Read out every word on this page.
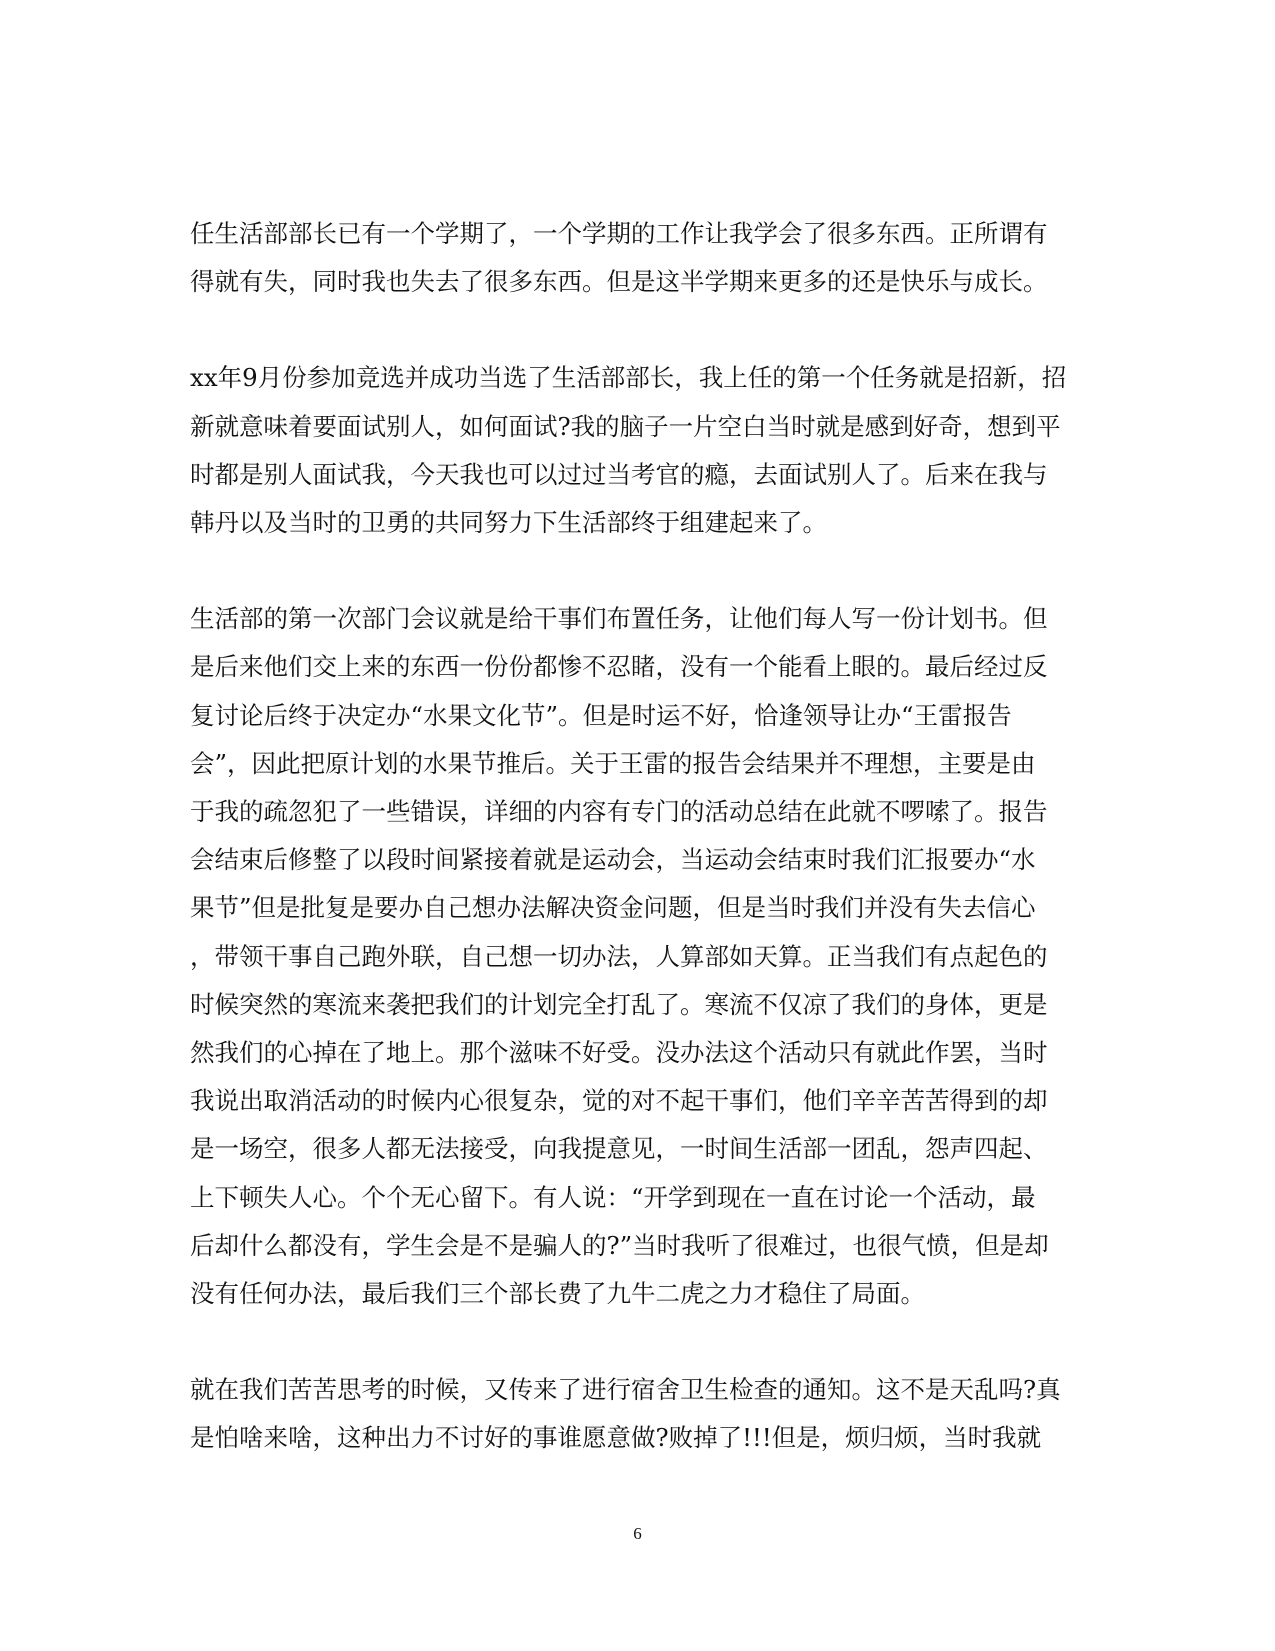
任生活部部长已有一个学期了，一个学期的工作让我学会了很多东西。正所谓有
得就有失，同时我也失去了很多东西。但是这半学期来更多的还是快乐与成长。

xx年9月份参加竞选并成功当选了生活部部长，我上任的第一个任务就是招新，招
新就意味着要面试别人，如何面试?我的脑子一片空白当时就是感到好奇，想到平
时都是别人面试我，今天我也可以过过当考官的瘾，去面试别人了。后来在我与
韩丹以及当时的卫勇的共同努力下生活部终于组建起来了。

生活部的第一次部门会议就是给干事们布置任务，让他们每人写一份计划书。但
是后来他们交上来的东西一份份都惨不忍睹，没有一个能看上眼的。最后经过反
复讨论后终于决定办“水果文化节”。但是时运不好，恰逢领导让办“王雷报告
会”，因此把原计划的水果节推后。关于王雷的报告会结果并不理想，主要是由
于我的疏忽犯了一些错误，详细的内容有专门的活动总结在此就不啰嗦了。报告
会结束后修整了以段时间紧接着就是运动会，当运动会结束时我们汇报要办“水
果节”但是批复是要办自己想办法解决资金问题，但是当时我们并没有失去信心
，带领干事自己跑外联，自己想一切办法，人算部如天算。正当我们有点起色的
时候突然的寒流来袭把我们的计划完全打乱了。寒流不仅凉了我们的身体，更是
然我们的心掉在了地上。那个滋味不好受。没办法这个活动只有就此作罢，当时
我说出取消活动的时候内心很复杂，觉的对不起干事们，他们辛辛苦苦得到的却
是一场空，很多人都无法接受，向我提意见，一时间生活部一团乱，怨声四起、
上下顿失人心。个个无心留下。有人说：“开学到现在一直在讨论一个活动，最
后却什么都没有，学生会是不是骗人的?”当时我听了很难过，也很气愤，但是却
没有任何办法，最后我们三个部长费了九牛二虎之力才稳住了局面。

就在我们苦苦思考的时候，又传来了进行宿舍卫生检查的通知。这不是天乱吗?真
是怕啥来啥，这种出力不讨好的事谁愿意做?败掉了!!!但是，烦归烦，当时我就

6
